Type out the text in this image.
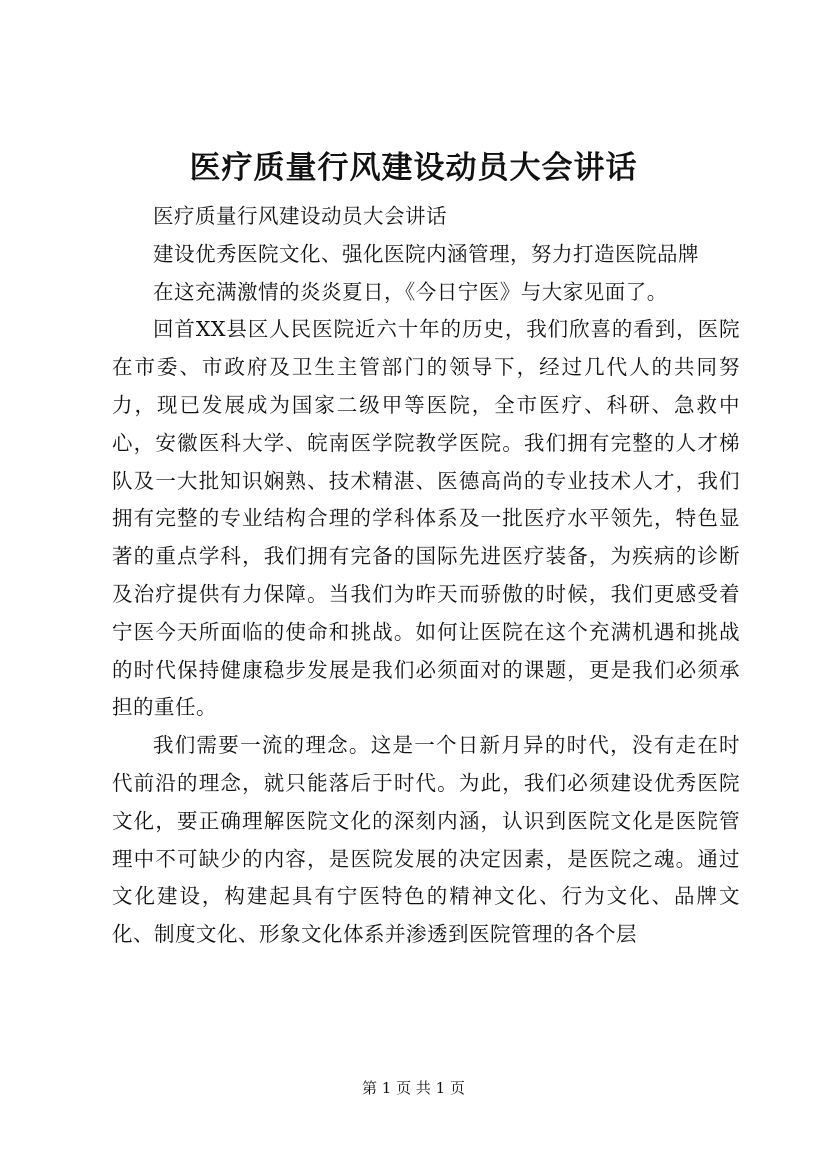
医疗质量行风建设动员大会讲话

医疗质量行风建设动员大会讲话

建设优秀医院文化、强化医院内涵管理，努力打造医院品牌

在这充满激情的炎炎夏日，《今日宁医》与大家见面了。

回首XX县区人民医院近六十年的历史，我们欣喜的看到，医院在市委、市政府及卫生主管部门的领导下，经过几代人的共同努力，现已发展成为国家二级甲等医院，全市医疗、科研、急救中心，安徽医科大学、皖南医学院教学医院。我们拥有完整的人才梯队及一大批知识娴熟、技术精湛、医德高尚的专业技术人才，我们拥有完整的专业结构合理的学科体系及一批医疗水平领先，特色显著的重点学科，我们拥有完备的国际先进医疗装备，为疾病的诊断及治疗提供有力保障。当我们为昨天而骄傲的时候，我们更感受着宁医今天所面临的使命和挑战。如何让医院在这个充满机遇和挑战的时代保持健康稳步发展是我们必须面对的课题，更是我们必须承担的重任。

我们需要一流的理念。这是一个日新月异的时代，没有走在时代前沿的理念，就只能落后于时代。为此，我们必须建设优秀医院文化，要正确理解医院文化的深刻内涵，认识到医院文化是医院管理中不可缺少的内容，是医院发展的决定因素，是医院之魂。通过文化建设，构建起具有宁医特色的精神文化、行为文化、品牌文化、制度文化、形象文化体系并渗透到医院管理的各个层

第 1 页 共 1 页
